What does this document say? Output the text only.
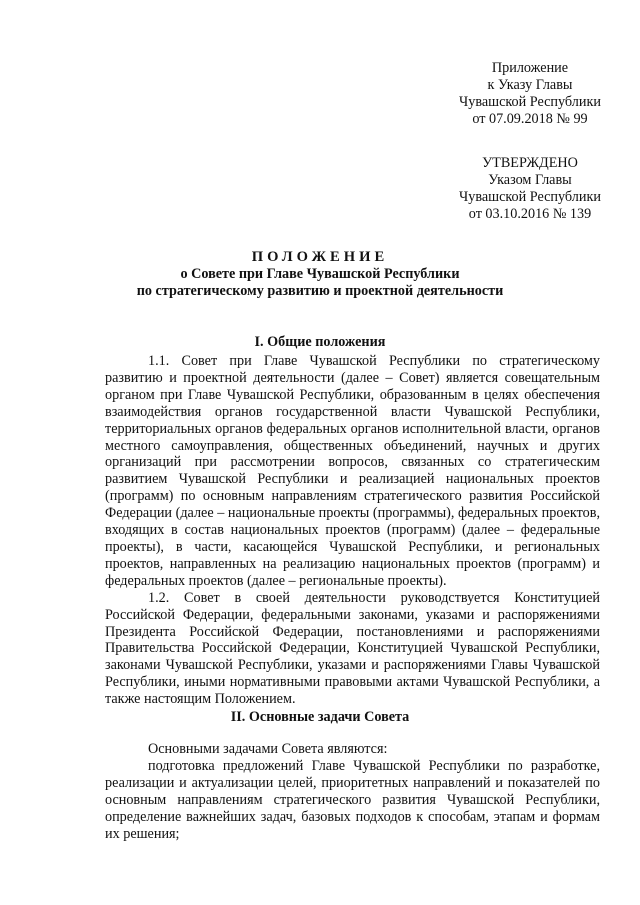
Приложение
к Указу Главы
Чувашской Республики
от 07.09.2018 № 99
УТВЕРЖДЕНО
Указом Главы
Чувашской Республики
от 03.10.2016 № 139
ПОЛОЖЕНИЕ
о Совете при Главе Чувашской Республики
по стратегическому развитию и проектной деятельности
I. Общие положения

1.1. Совет при Главе Чувашской Республики по стратегическому развитию и проектной деятельности (далее – Совет) является совещательным органом при Главе Чувашской Республики, образованным в целях обеспечения взаимодействия органов государственной власти Чувашской Республики, территориальных органов федеральных органов исполнительной власти, органов местного самоуправления, общественных объединений, научных и других организаций при рассмотрении вопросов, связанных со стратегическим развитием Чувашской Республики и реализацией национальных проектов (программ) по основным направлениям стратегического развития Российской Федерации (далее – национальные проекты (программы), федеральных проектов, входящих в состав национальных проектов (программ) (далее – федеральные проекты), в части, касающейся Чувашской Республики, и региональных проектов, направленных на реализацию национальных проектов (программ) и федеральных проектов (далее – региональные проекты).

1.2. Совет в своей деятельности руководствуется Конституцией Российской Федерации, федеральными законами, указами и распоряжениями Президента Российской Федерации, постановлениями и распоряжениями Правительства Российской Федерации, Конституцией Чувашской Республики, законами Чувашской Республики, указами и распоряжениями Главы Чувашской Республики, иными нормативными правовыми актами Чувашской Республики, а также настоящим Положением.

II. Основные задачи Совета

Основными задачами Совета являются:

подготовка предложений Главе Чувашской Республики по разработке, реализации и актуализации целей, приоритетных направлений и показателей по основным направлениям стратегического развития Чувашской Республики, определение важнейших задач, базовых подходов к способам, этапам и формам их решения;
